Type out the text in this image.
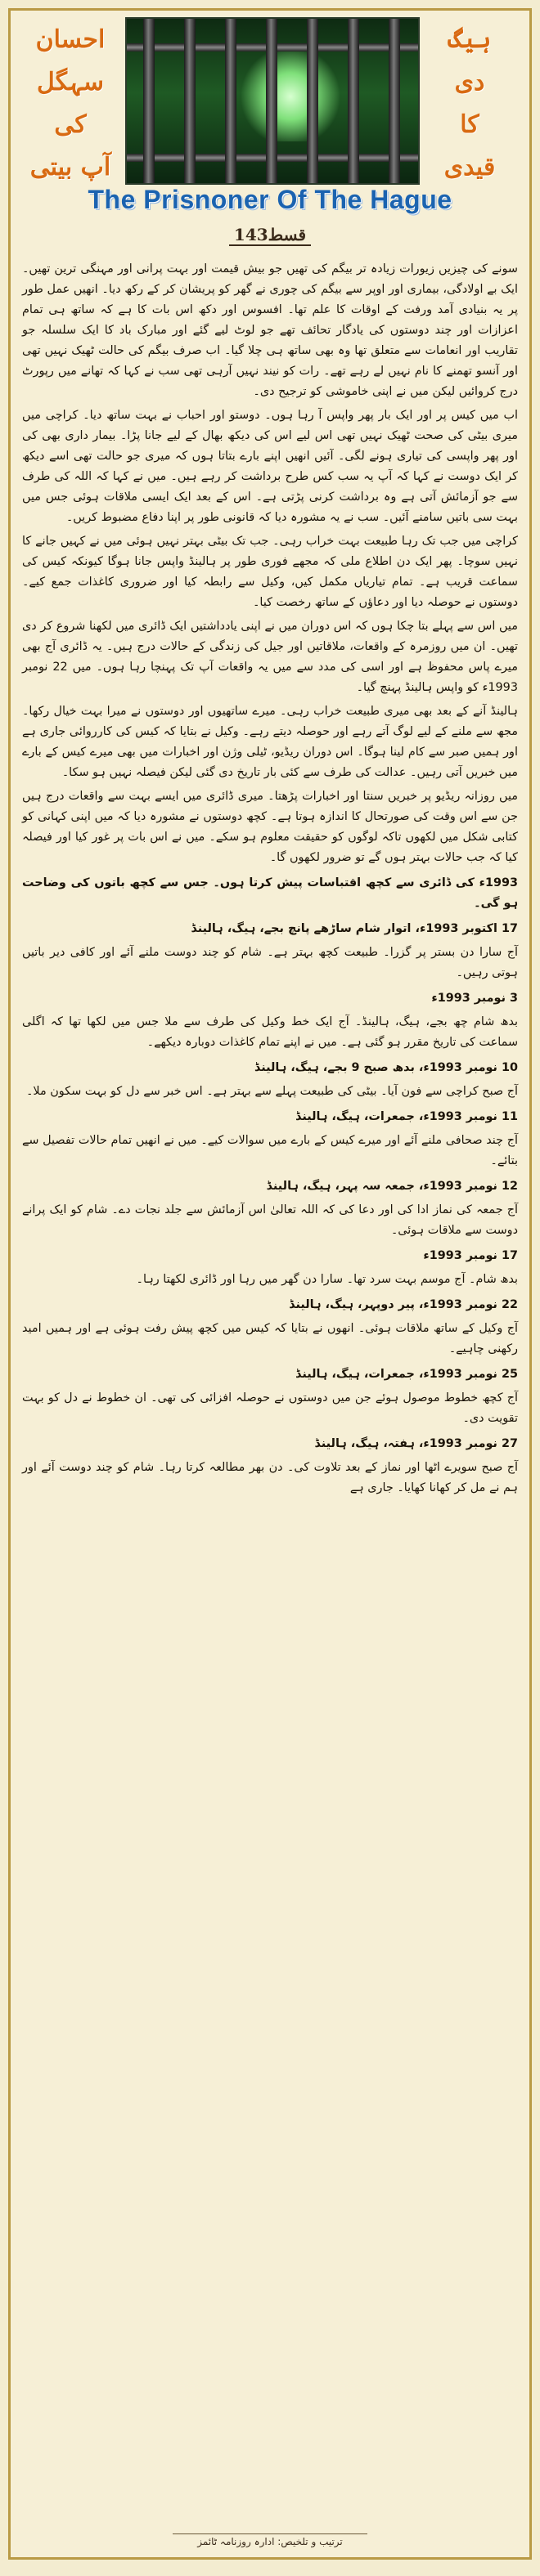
احسان
سہگل
کی
آپ بیتی
ہیگ
دی
کا
قیدی
The Prisnoner Of The Hague
قسط143

سونے کی چیزیں زیورات زیادہ تر بیگم کی تھیں جو بیش قیمت اور بہت پرانی اور مہنگی ترین تھیں۔ ایک بے اولادگی، بیماری اور اوپر سے بیگم کی چوری نے گھر کو پریشان کر کے رکھ دیا۔ انھیں عمل طور پر یہ بنیادی آمد ورفت کے اوقات کا علم تھا۔ افسوس اور دکھ اس بات کا ہے کہ ساتھ ہی تمام اعزازات اور چند دوستوں کی یادگار تحائف تھے جو لوٹ لیے گئے اور مبارک باد کا ایک سلسلہ جو تقاریب اور انعامات سے متعلق تھا وہ بھی ساتھ ہی چلا گیا۔ اب صرف بیگم کی حالت ٹھیک نہیں تھی اور آنسو تھمنے کا نام نہیں لے رہے تھے۔ رات کو نیند نہیں آرہی تھی سب نے کہا کہ تھانے میں رپورٹ درج کروائیں لیکن میں نے اپنی خاموشی کو ترجیح دی۔

اب میں کیس پر اور ایک بار پھر واپس آ رہا ہوں۔ دوستو اور احباب نے بہت ساتھ دیا۔ کراچی میں میری بیٹی کی صحت ٹھیک نہیں تھی اس لیے اس کی دیکھ بھال کے لیے جانا پڑا۔ بیمار داری بھی کی اور پھر واپسی کی تیاری ہونے لگی۔ آئیں انھیں اپنے بارے بتاتا ہوں کہ میری جو حالت تھی اسے دیکھ کر ایک دوست نے کہا کہ آپ یہ سب کس طرح برداشت کر رہے ہیں۔ میں نے کہا کہ اللہ کی طرف سے جو آزمائش آتی ہے وہ برداشت کرنی پڑتی ہے۔ اس کے بعد ایک ایسی ملاقات ہوئی جس میں بہت سی باتیں سامنے آئیں۔ سب نے یہ مشورہ دیا کہ قانونی طور پر اپنا دفاع مضبوط کریں۔

کراچی میں جب تک رہا طبیعت بہت خراب رہی۔ جب تک بیٹی بہتر نہیں ہوئی میں نے کہیں جانے کا نہیں سوچا۔ پھر ایک دن اطلاع ملی کہ مجھے فوری طور پر ہالینڈ واپس جانا ہوگا کیونکہ کیس کی سماعت قریب ہے۔ تمام تیاریاں مکمل کیں، وکیل سے رابطہ کیا اور ضروری کاغذات جمع کیے۔ دوستوں نے حوصلہ دیا اور دعاؤں کے ساتھ رخصت کیا۔

میں اس سے پہلے بتا چکا ہوں کہ اس دوران میں نے اپنی یادداشتیں ایک ڈائری میں لکھنا شروع کر دی تھیں۔ ان میں روزمرہ کے واقعات، ملاقاتیں اور جیل کی زندگی کے حالات درج ہیں۔ یہ ڈائری آج بھی میرے پاس محفوظ ہے اور اسی کی مدد سے میں یہ واقعات آپ تک پہنچا رہا ہوں۔ میں 22 نومبر 1993ء کو واپس ہالینڈ پہنچ گیا۔

ہالینڈ آنے کے بعد بھی میری طبیعت خراب رہی۔ میرے ساتھیوں اور دوستوں نے میرا بہت خیال رکھا۔ مجھ سے ملنے کے لیے لوگ آتے رہے اور حوصلہ دیتے رہے۔ وکیل نے بتایا کہ کیس کی کارروائی جاری ہے اور ہمیں صبر سے کام لینا ہوگا۔ اس دوران ریڈیو، ٹیلی وژن اور اخبارات میں بھی میرے کیس کے بارے میں خبریں آتی رہیں۔ عدالت کی طرف سے کئی بار تاریخ دی گئی لیکن فیصلہ نہیں ہو سکا۔

میں روزانہ ریڈیو پر خبریں سنتا اور اخبارات پڑھتا۔ میری ڈائری میں ایسے بہت سے واقعات درج ہیں جن سے اس وقت کی صورتحال کا اندازہ ہوتا ہے۔ کچھ دوستوں نے مشورہ دیا کہ میں اپنی کہانی کو کتابی شکل میں لکھوں تاکہ لوگوں کو حقیقت معلوم ہو سکے۔ میں نے اس بات پر غور کیا اور فیصلہ کیا کہ جب حالات بہتر ہوں گے تو ضرور لکھوں گا۔

1993ء کی ڈائری سے کچھ اقتباسات پیش کرتا ہوں۔ جس سے کچھ باتوں کی وضاحت ہو گی۔

17 اکتوبر 1993ء، اتوار شام ساڑھے پانچ بجے، ہیگ، ہالینڈ

آج سارا دن بستر پر گزرا۔ طبیعت کچھ بہتر ہے۔ شام کو چند دوست ملنے آئے اور کافی دیر باتیں ہوتی رہیں۔

3 نومبر 1993ء

بدھ شام چھ بجے، ہیگ، ہالینڈ۔ آج ایک خط وکیل کی طرف سے ملا جس میں لکھا تھا کہ اگلی سماعت کی تاریخ مقرر ہو گئی ہے۔ میں نے اپنے تمام کاغذات دوبارہ دیکھے۔

10 نومبر 1993ء، بدھ صبح 9 بجے، ہیگ، ہالینڈ

آج صبح کراچی سے فون آیا۔ بیٹی کی طبیعت پہلے سے بہتر ہے۔ اس خبر سے دل کو بہت سکون ملا۔

11 نومبر 1993ء، جمعرات، ہیگ، ہالینڈ

آج چند صحافی ملنے آئے اور میرے کیس کے بارے میں سوالات کیے۔ میں نے انھیں تمام حالات تفصیل سے بتائے۔

12 نومبر 1993ء، جمعہ سہ پہر، ہیگ، ہالینڈ

آج جمعہ کی نماز ادا کی اور دعا کی کہ اللہ تعالیٰ اس آزمائش سے جلد نجات دے۔ شام کو ایک پرانے دوست سے ملاقات ہوئی۔

17 نومبر 1993ء

بدھ شام۔ آج موسم بہت سرد تھا۔ سارا دن گھر میں رہا اور ڈائری لکھتا رہا۔

22 نومبر 1993ء، پیر دوپہر، ہیگ، ہالینڈ

آج وکیل کے ساتھ ملاقات ہوئی۔ انھوں نے بتایا کہ کیس میں کچھ پیش رفت ہوئی ہے اور ہمیں امید رکھنی چاہیے۔

25 نومبر 1993ء، جمعرات، ہیگ، ہالینڈ

آج کچھ خطوط موصول ہوئے جن میں دوستوں نے حوصلہ افزائی کی تھی۔ ان خطوط نے دل کو بہت تقویت دی۔

27 نومبر 1993ء، ہفتہ، ہیگ، ہالینڈ

آج صبح سویرے اٹھا اور نماز کے بعد تلاوت کی۔ دن بھر مطالعہ کرتا رہا۔ شام کو چند دوست آئے اور ہم نے مل کر کھانا کھایا۔ جاری ہے

ترتیب و تلخیص: ادارہ روزنامہ ٹائمز
